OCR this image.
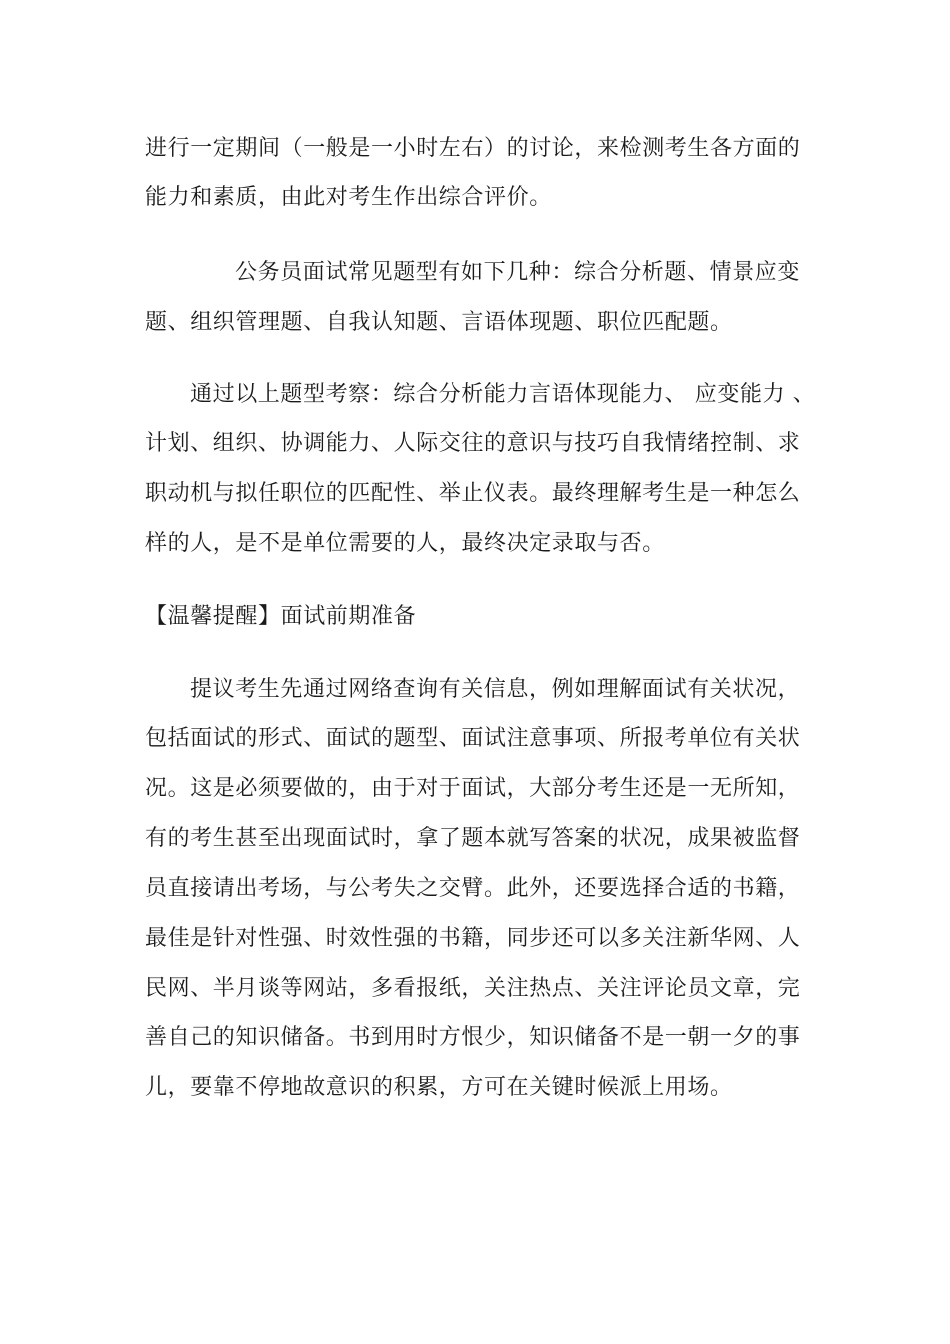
进行一定期间（一般是一小时左右）的讨论，来检测考生各方面的
能力和素质，由此对考生作出综合评价。
公务员面试常见题型有如下几种：综合分析题、情景应变
题、组织管理题、自我认知题、言语体现题、职位匹配题。
通过以上题型考察：综合分析能力言语体现能力、 应变能力 、
计划、组织、协调能力、人际交往的意识与技巧自我情绪控制、求
职动机与拟任职位的匹配性、举止仪表。最终理解考生是一种怎么
样的人，是不是单位需要的人，最终决定录取与否。
【温馨提醒】面试前期准备
提议考生先通过网络查询有关信息，例如理解面试有关状况，
包括面试的形式、面试的题型、面试注意事项、所报考单位有关状
况。这是必须要做的，由于对于面试，大部分考生还是一无所知，
有的考生甚至出现面试时，拿了题本就写答案的状况，成果被监督
员直接请出考场，与公考失之交臂。此外，还要选择合适的书籍，
最佳是针对性强、时效性强的书籍，同步还可以多关注新华网、人
民网、半月谈等网站，多看报纸，关注热点、关注评论员文章，完
善自己的知识储备。书到用时方恨少，知识储备不是一朝一夕的事
儿，要靠不停地故意识的积累，方可在关键时候派上用场。
